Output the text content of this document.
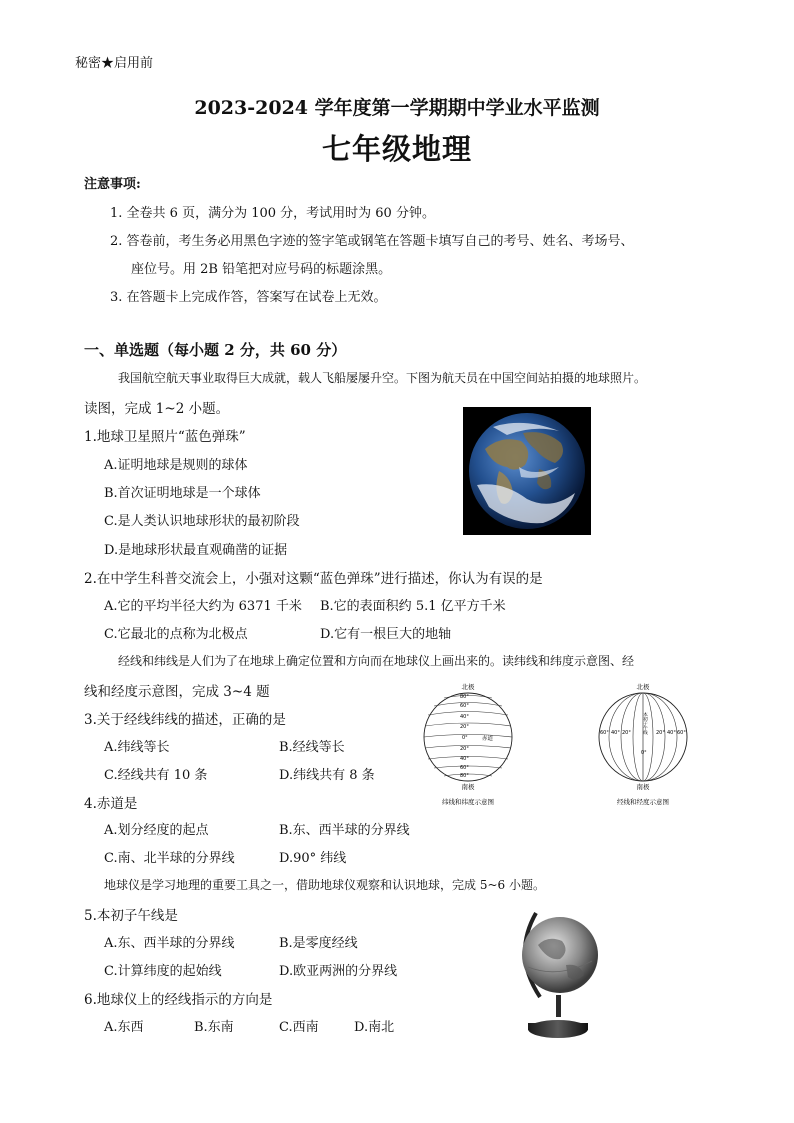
秘密★启用前
2023-2024 学年度第一学期期中学业水平监测
七年级地理
注意事项:
1. 全卷共 6 页，满分为 100 分，考试用时为 60 分钟。
2. 答卷前，考生务必用黑色字迹的签字笔或钢笔在答题卡填写自己的考号、姓名、考场号、
座位号。用 2B 铅笔把对应号码的标题涂黑。
3. 在答题卡上完成作答，答案写在试卷上无效。
一、单选题（每小题 2 分，共 60 分）
我国航空航天事业取得巨大成就，载人飞船屡屡升空。下图为航天员在中国空间站拍摄的地球照片。
读图，完成 1~2 小题。
1.地球卫星照片“蓝色弹珠”
A.证明地球是规则的球体
B.首次证明地球是一个球体
C.是人类认识地球形状的最初阶段
D.是地球形状最直观确凿的证据
2.在中学生科普交流会上，小强对这颗“蓝色弹珠”进行描述，你认为有误的是
A.它的平均半径大约为 6371 千米 B.它的表面积约 5.1 亿平方千米
C.它最北的点称为北极点	D.它有一根巨大的地轴
经线和纬线是人们为了在地球上确定位置和方向而在地球仪上画出来的。读纬线和纬度示意图、经
线和经度示意图，完成 3~4 题
3.关于经线纬线的描述，正确的是
A.纬线等长	B.经线等长
C.经线共有 10 条	D.纬线共有 8 条
北极
80°
60°
40°
20°
0°
20°
40°
60°
80°
赤道
南极
纬线和纬度示意图
北极
60° 40° 20°
0°
20° 40° 60°
本初子午线
南极
经线和经度示意图
4.赤道是
A.划分经度的起点	B.东、西半球的分界线
C.南、北半球的分界线	D.90° 纬线
地球仪是学习地理的重要工具之一，借助地球仪观察和认识地球，完成 5~6 小题。
5.本初子午线是
A.东、西半球的分界线	B.是零度经线
C.计算纬度的起始线	D.欧亚两洲的分界线
6.地球仪上的经线指示的方向是
A.东西	B.东南	C.西南	D.南北
